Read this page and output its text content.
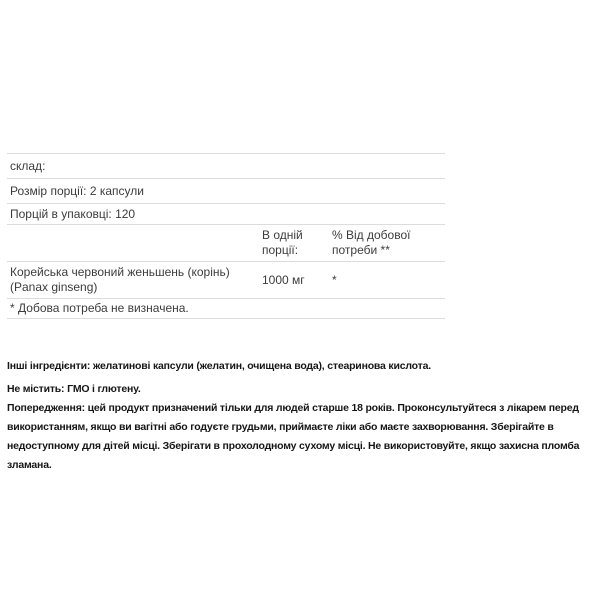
склад:
Розмір порції: 2 капсули
Порцій в упаковці: 120
В одній порції:
% Від добової потреби **
Корейська червоний женьшень (корінь) (Panax ginseng)
1000 мг	*
* Добова потреба не визначена.

Інші інгредієнти: желатинові капсули (желатин, очищена вода), стеаринова кислота.

Не містить: ГМО і глютену.

Попередження: цей продукт призначений тільки для людей старше 18 років. Проконсультуйтеся з лікарем перед використанням, якщо ви вагітні або годуєте грудьми, приймаєте ліки або маєте захворювання. Зберігайте в недоступному для дітей місці. Зберігати в прохолодному сухому місці. Не використовуйте, якщо захисна пломба зламана.
